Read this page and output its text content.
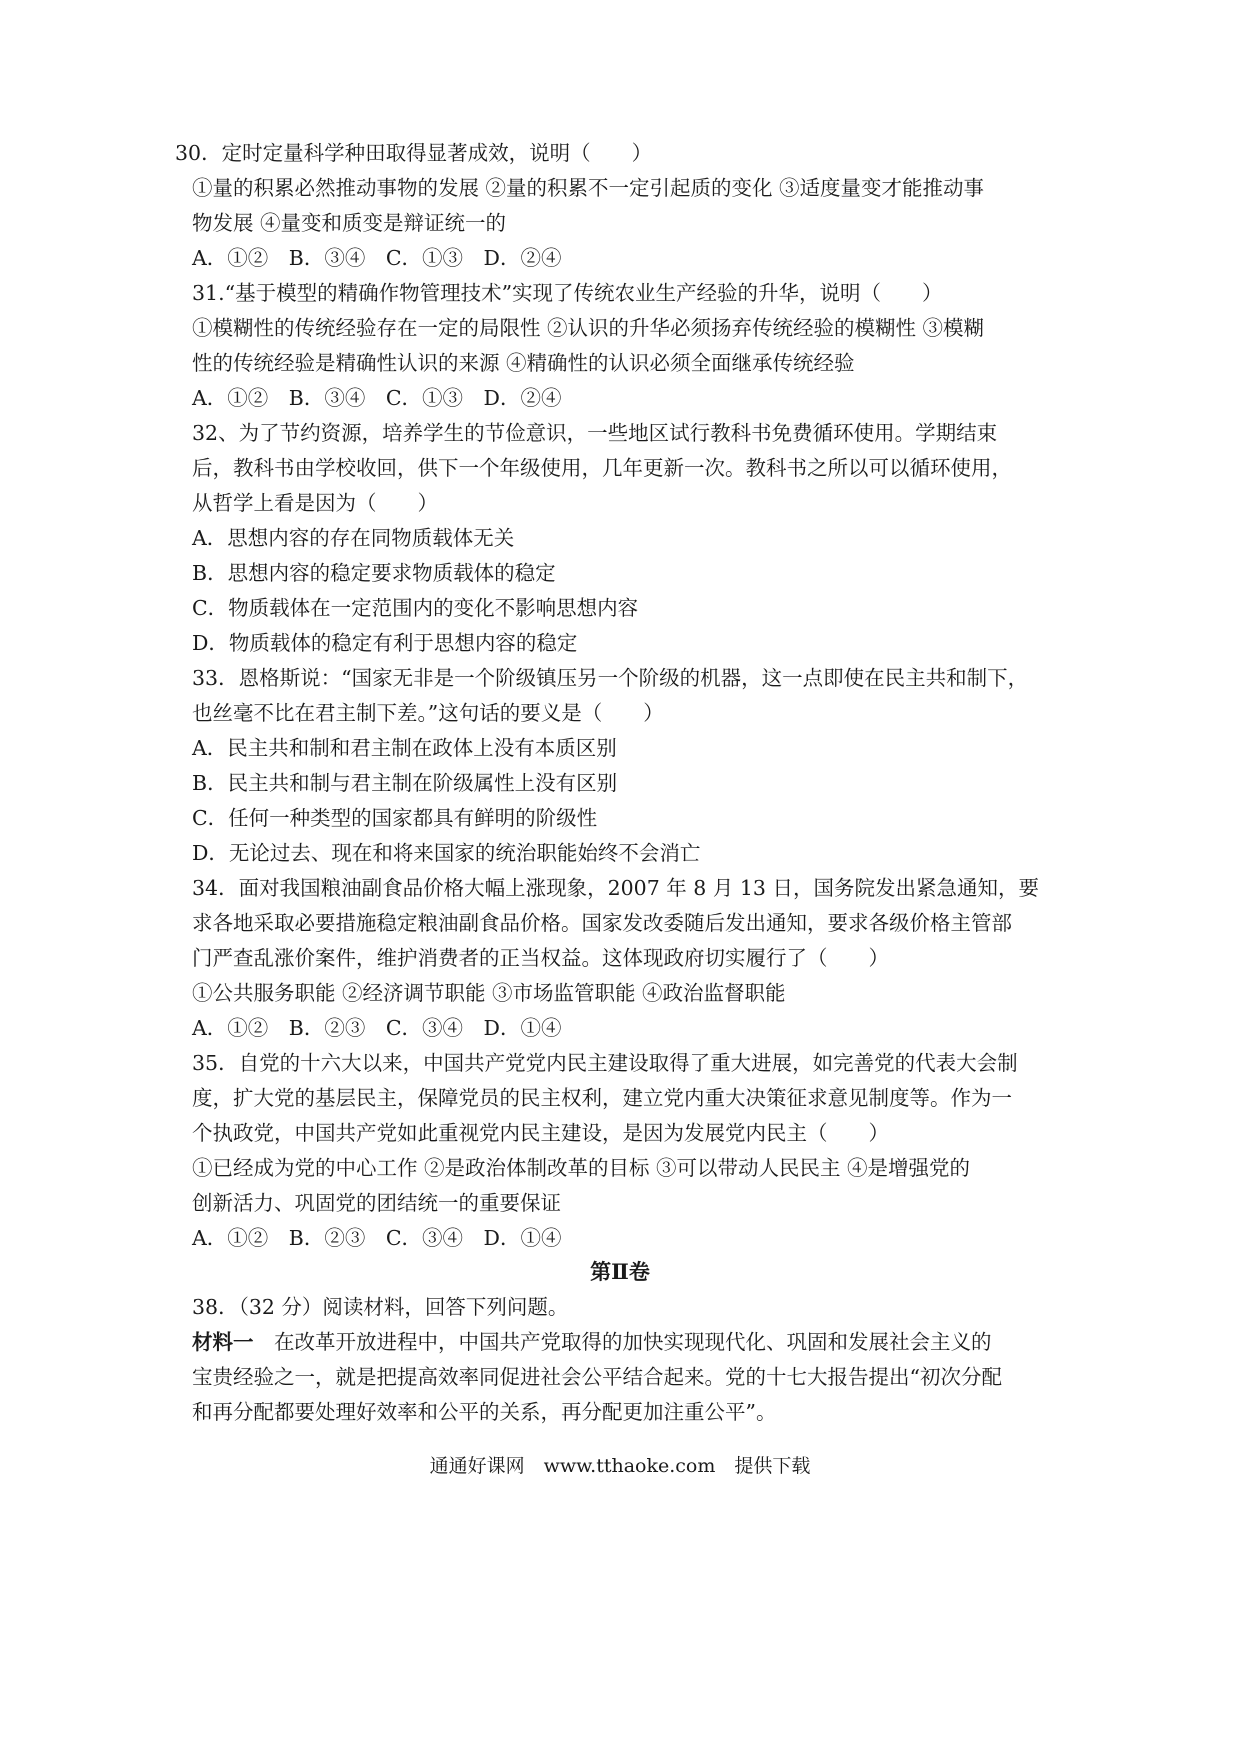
30．定时定量科学种田取得显著成效，说明（　　）
①量的积累必然推动事物的发展 ②量的积累不一定引起质的变化 ③适度量变才能推动事
物发展 ④量变和质变是辩证统一的
A．①②　B．③④　C．①③　D．②④
31.“基于模型的精确作物管理技术”实现了传统农业生产经验的升华，说明（　　）
①模糊性的传统经验存在一定的局限性 ②认识的升华必须扬弃传统经验的模糊性 ③模糊
性的传统经验是精确性认识的来源 ④精确性的认识必须全面继承传统经验
A．①②　B．③④　C．①③　D．②④
32、为了节约资源，培养学生的节俭意识，一些地区试行教科书免费循环使用。学期结束
后，教科书由学校收回，供下一个年级使用，几年更新一次。教科书之所以可以循环使用，
从哲学上看是因为（　　）
A．思想内容的存在同物质载体无关
B．思想内容的稳定要求物质载体的稳定
C．物质载体在一定范围内的变化不影响思想内容
D．物质载体的稳定有利于思想内容的稳定
33．恩格斯说：“国家无非是一个阶级镇压另一个阶级的机器，这一点即使在民主共和制下，
也丝毫不比在君主制下差。”这句话的要义是（　　）
A．民主共和制和君主制在政体上没有本质区别
B．民主共和制与君主制在阶级属性上没有区别
C．任何一种类型的国家都具有鲜明的阶级性
D．无论过去、现在和将来国家的统治职能始终不会消亡
34．面对我国粮油副食品价格大幅上涨现象，2007 年 8 月 13 日，国务院发出紧急通知，要
求各地采取必要措施稳定粮油副食品价格。国家发改委随后发出通知，要求各级价格主管部
门严查乱涨价案件，维护消费者的正当权益。这体现政府切实履行了（　　）
①公共服务职能 ②经济调节职能 ③市场监管职能 ④政治监督职能
A．①②　B．②③　C．③④　D．①④
35．自党的十六大以来，中国共产党党内民主建设取得了重大进展，如完善党的代表大会制
度，扩大党的基层民主，保障党员的民主权利，建立党内重大决策征求意见制度等。作为一
个执政党，中国共产党如此重视党内民主建设，是因为发展党内民主（　　）
①已经成为党的中心工作 ②是政治体制改革的目标 ③可以带动人民民主 ④是增强党的
创新活力、巩固党的团结统一的重要保证
A．①②　B．②③　C．③④　D．①④
第Ⅱ卷
38．（32 分）阅读材料，回答下列问题。
材料一　在改革开放进程中，中国共产党取得的加快实现现代化、巩固和发展社会主义的
宝贵经验之一，就是把提高效率同促进社会公平结合起来。党的十七大报告提出“初次分配
和再分配都要处理好效率和公平的关系，再分配更加注重公平”。
通通好课网　www.tthaoke.com　提供下载
